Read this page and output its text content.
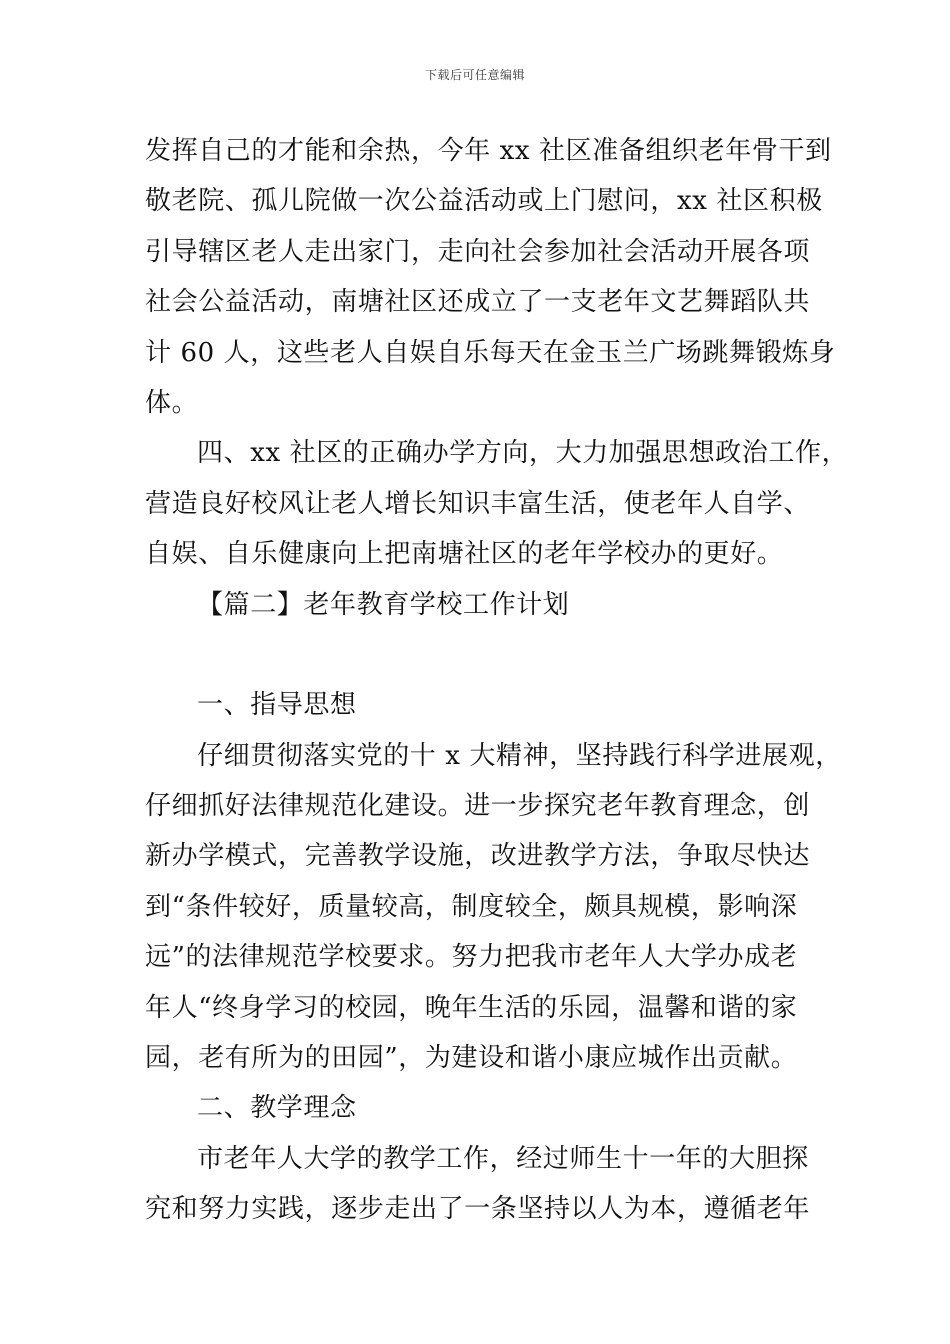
下载后可任意编辑
发挥自己的才能和余热，今年 xx 社区准备组织老年骨干到
敬老院、孤儿院做一次公益活动或上门慰问，xx 社区积极
引导辖区老人走出家门，走向社会参加社会活动开展各项
社会公益活动，南塘社区还成立了一支老年文艺舞蹈队共
计 60 人，这些老人自娱自乐每天在金玉兰广场跳舞锻炼身
体。
四、xx 社区的正确办学方向，大力加强思想政治工作，
营造良好校风让老人增长知识丰富生活，使老年人自学、
自娱、自乐健康向上把南塘社区的老年学校办的更好。
【篇二】老年教育学校工作计划
一、指导思想
仔细贯彻落实党的十 x 大精神，坚持践行科学进展观，
仔细抓好法律规范化建设。进一步探究老年教育理念，创
新办学模式，完善教学设施，改进教学方法，争取尽快达
到“条件较好，质量较高，制度较全，颇具规模，影响深
远”的法律规范学校要求。努力把我市老年人大学办成老
年人“终身学习的校园，晚年生活的乐园，温馨和谐的家
园，老有所为的田园”，为建设和谐小康应城作出贡献。
二、教学理念
市老年人大学的教学工作，经过师生十一年的大胆探
究和努力实践，逐步走出了一条坚持以人为本，遵循老年
